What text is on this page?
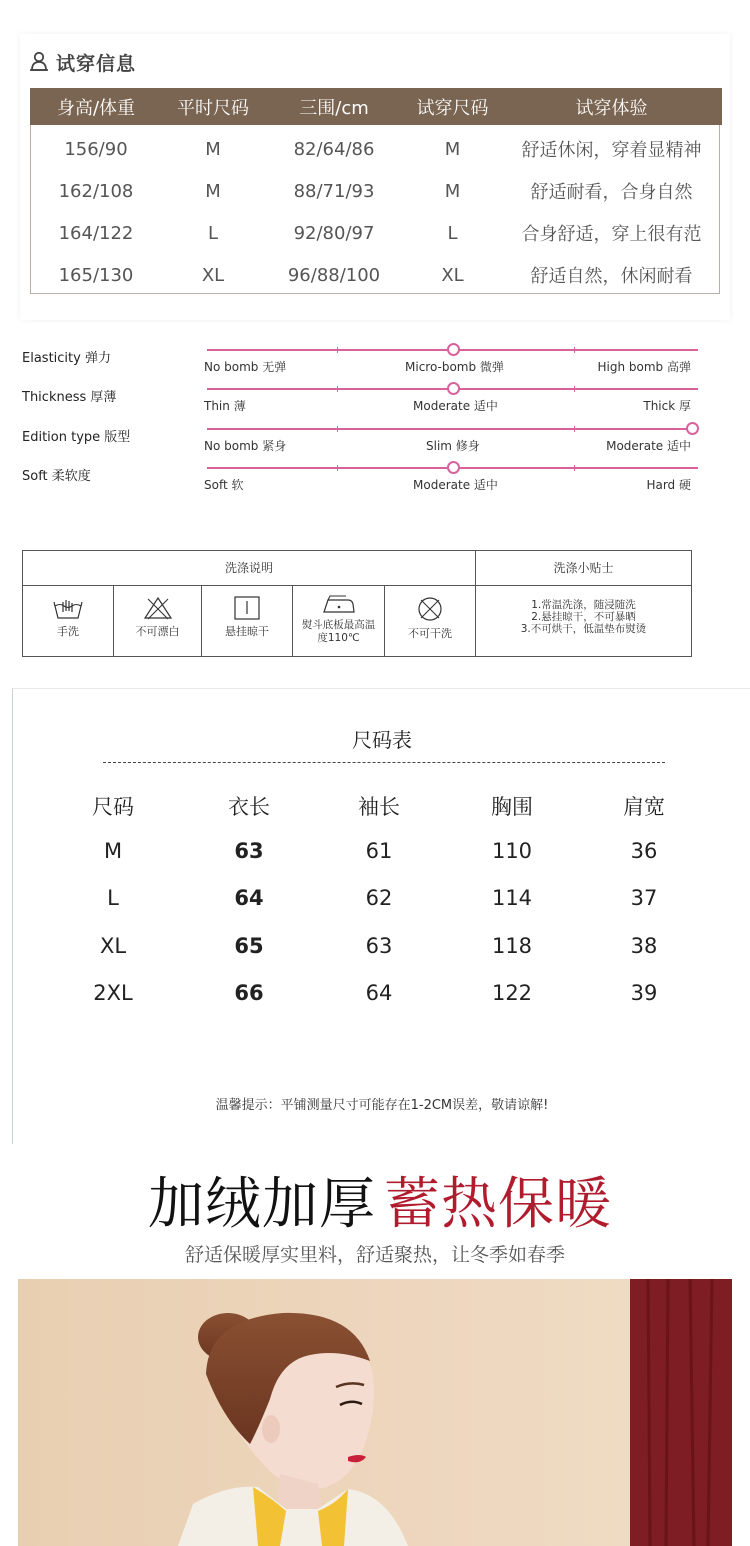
试穿信息
身高/体重	平时尺码	三围/cm	试穿尺码	试穿体验
156/90	M	82/64/86	M	舒适休闲，穿着显精神
162/108	M	88/71/93	M	舒适耐看，合身自然
164/122	L	92/80/97	L	合身舒适，穿上很有范
165/130	XL	96/88/100	XL	舒适自然，休闲耐看
Elasticity 弹力
No bomb 无弹	Micro-bomb 微弹	High bomb 高弹
Thickness 厚薄
Thin 薄	Moderate 适中	Thick 厚
Edition type 版型
No bomb 紧身	Slim 修身	Moderate 适中
Soft 柔软度
Soft 软	Moderate 适中	Hard 硬
洗涤说明	洗涤小贴士
手洗	不可漂白	悬挂晾干	熨斗底板最高温度110℃	不可干洗
1.常温洗涤，随浸随洗
2.悬挂晾干，不可暴晒
3.不可烘干，低温垫布熨烫
尺码表
尺码	衣长	袖长	胸围	肩宽
M	63	61	110	36
L	64	62	114	37
XL	65	63	118	38
2XL	66	64	122	39
温馨提示：平铺测量尺寸可能存在1-2CM误差，敬请谅解!
加绒加厚 蓄热保暖
舒适保暖厚实里料，舒适聚热，让冬季如春季
